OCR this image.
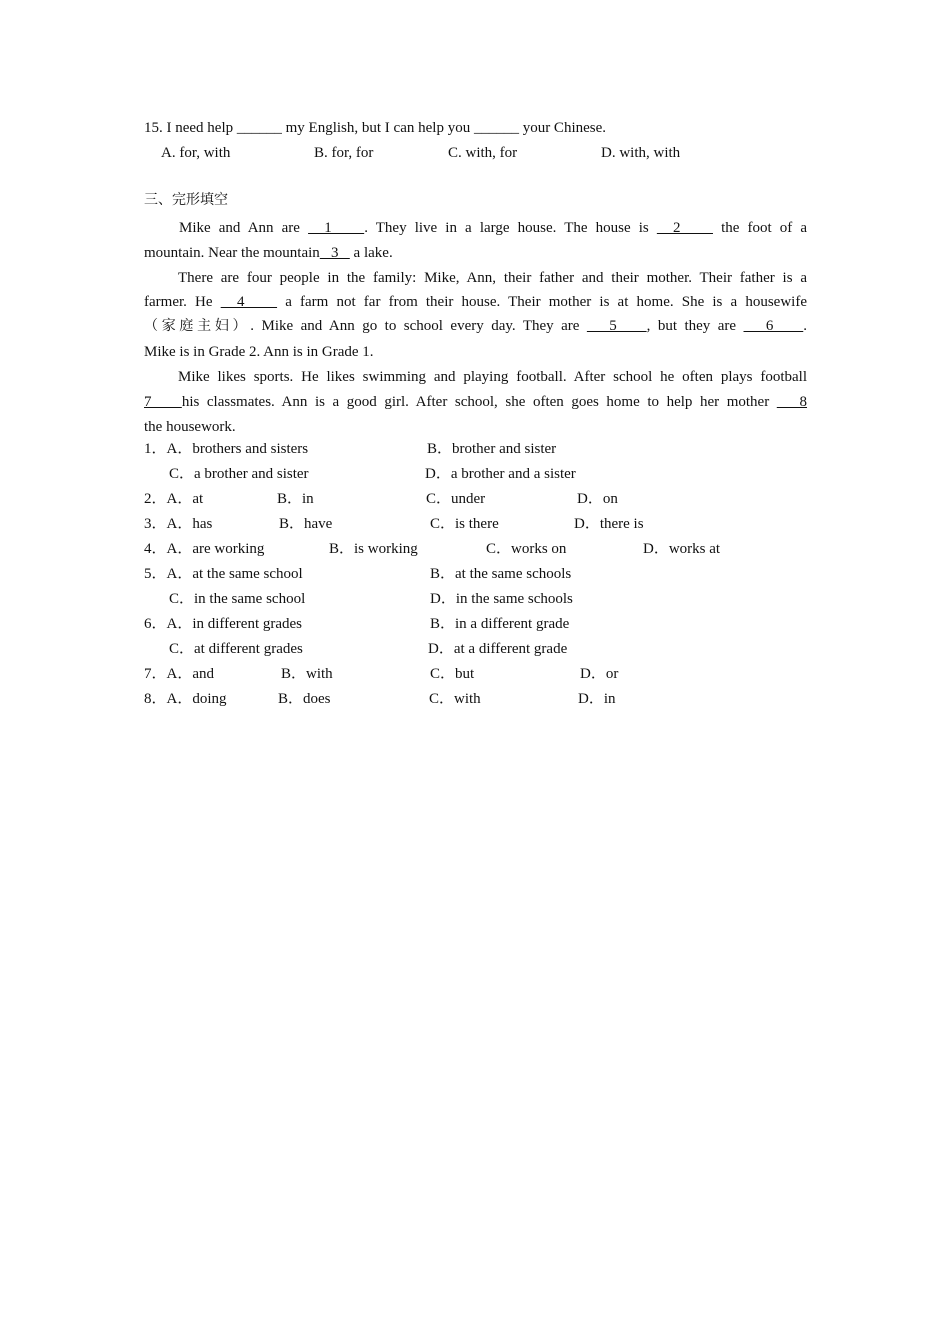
15. I need help ______ my English, but I can help you ______ your Chinese.
A. for, with	B. for, for	C. with, for	D. with, with
三、完形填空
Mike and Ann are   1    . They live in a large house. The house is   2     the foot of a
mountain. Near the mountain   3    a lake.
There are four people in the family: Mike, Ann, their father and their mother. Their father is a
farmer. He   4     a farm not far from their house. Their mother is at home. She is a housewife
（家庭主妇）. Mike and Ann go to school every day. They are    5    , but they are    6    .
Mike is in Grade 2. Ann is in Grade 1.
Mike likes sports. He likes swimming and playing football. After school he often plays football
7    his classmates. Ann is a good girl. After school, she often goes home to help her mother    8
the housework.
1．A．brothers and sisters	B．brother and sister
C．a brother and sister	D．a brother and a sister
2．A．at	B．in	C．under	D．on
3．A．has	B．have	C．is there	D．there is
4．A．are working	B．is working	C．works on	D．works at
5．A．at the same school	B．at the same schools
C．in the same school	D．in the same schools
6．A．in different grades	B．in a different grade
C．at different grades	D．at a different grade
7．A．and	B．with	C．but	D．or
8．A．doing	B．does	C．with	D．in
